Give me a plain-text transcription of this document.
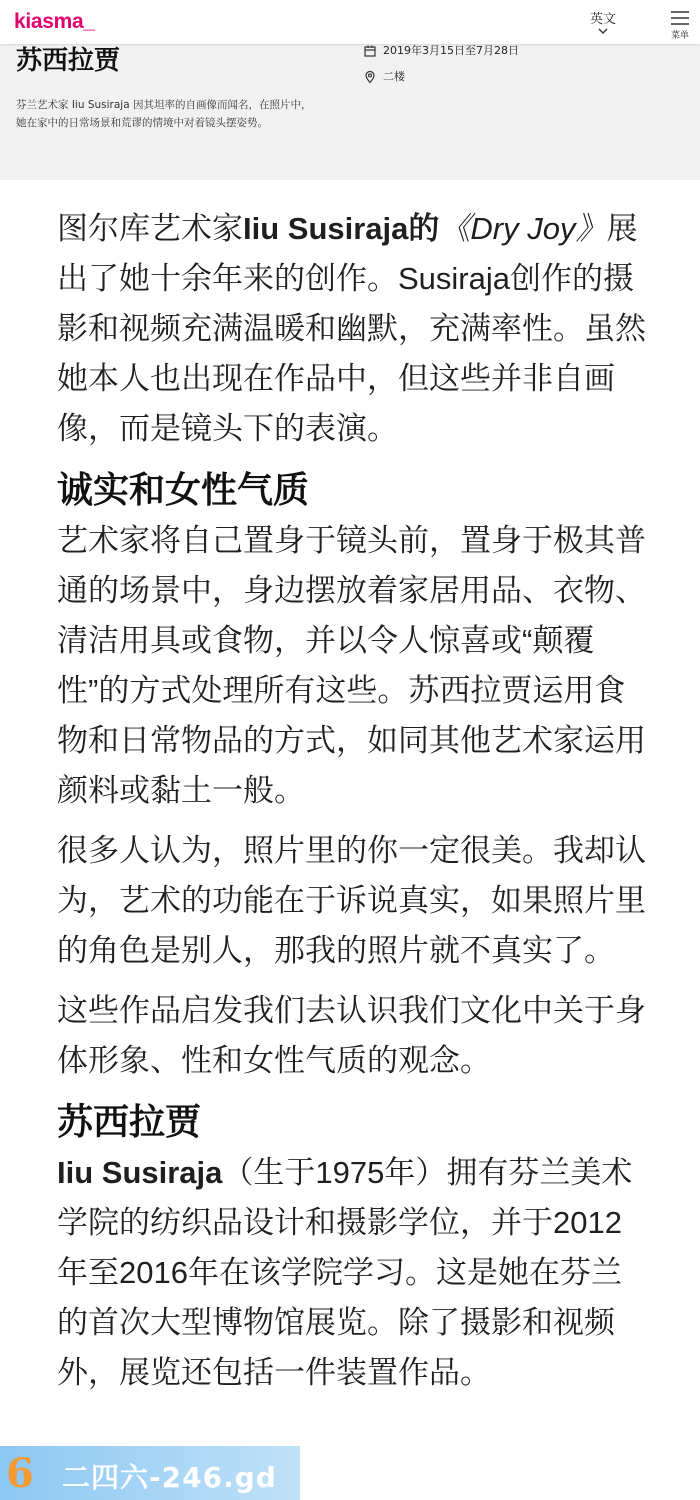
苏西拉贾	2019年3月15日至7月28日
二楼
芬兰艺术家 Iiu Susiraja 因其坦率的自画像而闻名，在照片中，她在家中的日常场景和荒谬的情境中对着镜头摆姿势。
kiasma_	英文
菜单

图尔库艺术家Iiu Susiraja的《Dry Joy》展出了她十余年来的创作。Susiraja创作的摄影和视频充满温暖和幽默，充满率性。虽然她本人也出现在作品中，但这些并非自画像，而是镜头下的表演。

诚实和女性气质

艺术家将自己置身于镜头前，置身于极其普通的场景中，身边摆放着家居用品、衣物、清洁用具或食物，并以令人惊喜或“颠覆性”的方式处理所有这些。苏西拉贾运用食物和日常物品的方式，如同其他艺术家运用颜料或黏土一般。

很多人认为，照片里的你一定很美。我却认为，艺术的功能在于诉说真实，如果照片里的角色是别人，那我的照片就不真实了。

这些作品启发我们去认识我们文化中关于身体形象、性和女性气质的观念。

苏西拉贾

Iiu Susiraja（生于1975年）拥有芬兰美术学院的纺织品设计和摄影学位，并于2012年至2016年在该学院学习。这是她在芬兰的首次大型博物馆展览。除了摄影和视频外，展览还包括一件装置作品。

6 二四六-246.gd
